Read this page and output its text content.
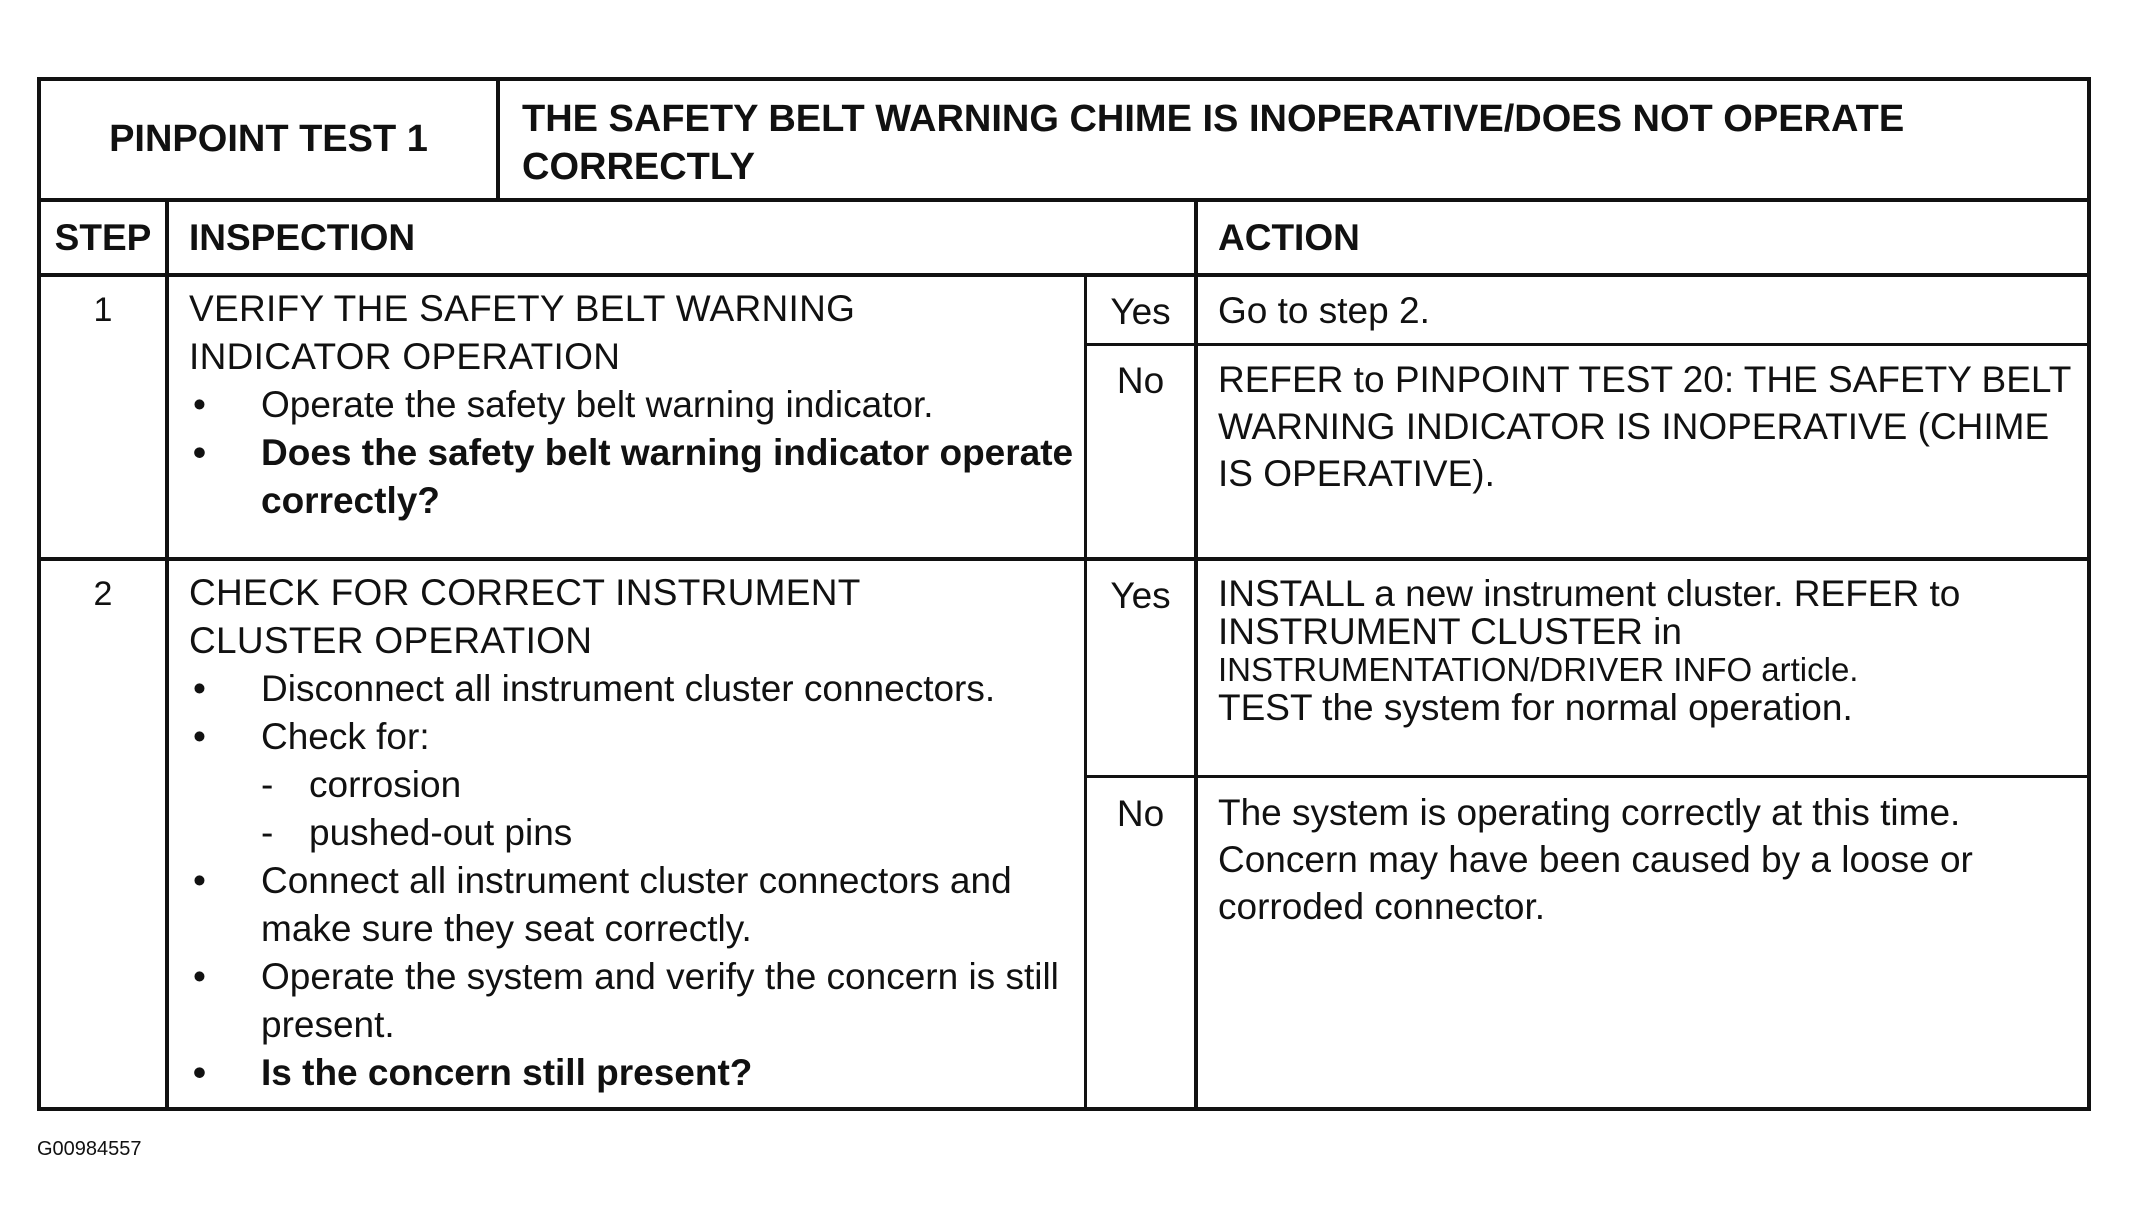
PINPOINT TEST 1	THE SAFETY BELT WARNING CHIME IS INOPERATIVE/DOES NOT OPERATE CORRECTLY
STEP	INSPECTION	ACTION
1	VERIFY THE SAFETY BELT WARNING
INDICATOR OPERATION
• Operate the safety belt warning indicator.
• Does the safety belt warning indicator operate correctly?
Yes	Go to step 2.
No	REFER to PINPOINT TEST 20: THE SAFETY BELT WARNING INDICATOR IS INOPERATIVE (CHIME IS OPERATIVE).
2	CHECK FOR CORRECT INSTRUMENT
CLUSTER OPERATION
• Disconnect all instrument cluster connectors.
• Check for:
- corrosion
- pushed-out pins
• Connect all instrument cluster connectors and make sure they seat correctly.
• Operate the system and verify the concern is still present.
• Is the concern still present?
Yes	INSTALL a new instrument cluster. REFER to
INSTRUMENT CLUSTER in
INSTRUMENTATION/DRIVER INFO article.
TEST the system for normal operation.
No	The system is operating correctly at this time. Concern may have been caused by a loose or corroded connector.
G00984557
